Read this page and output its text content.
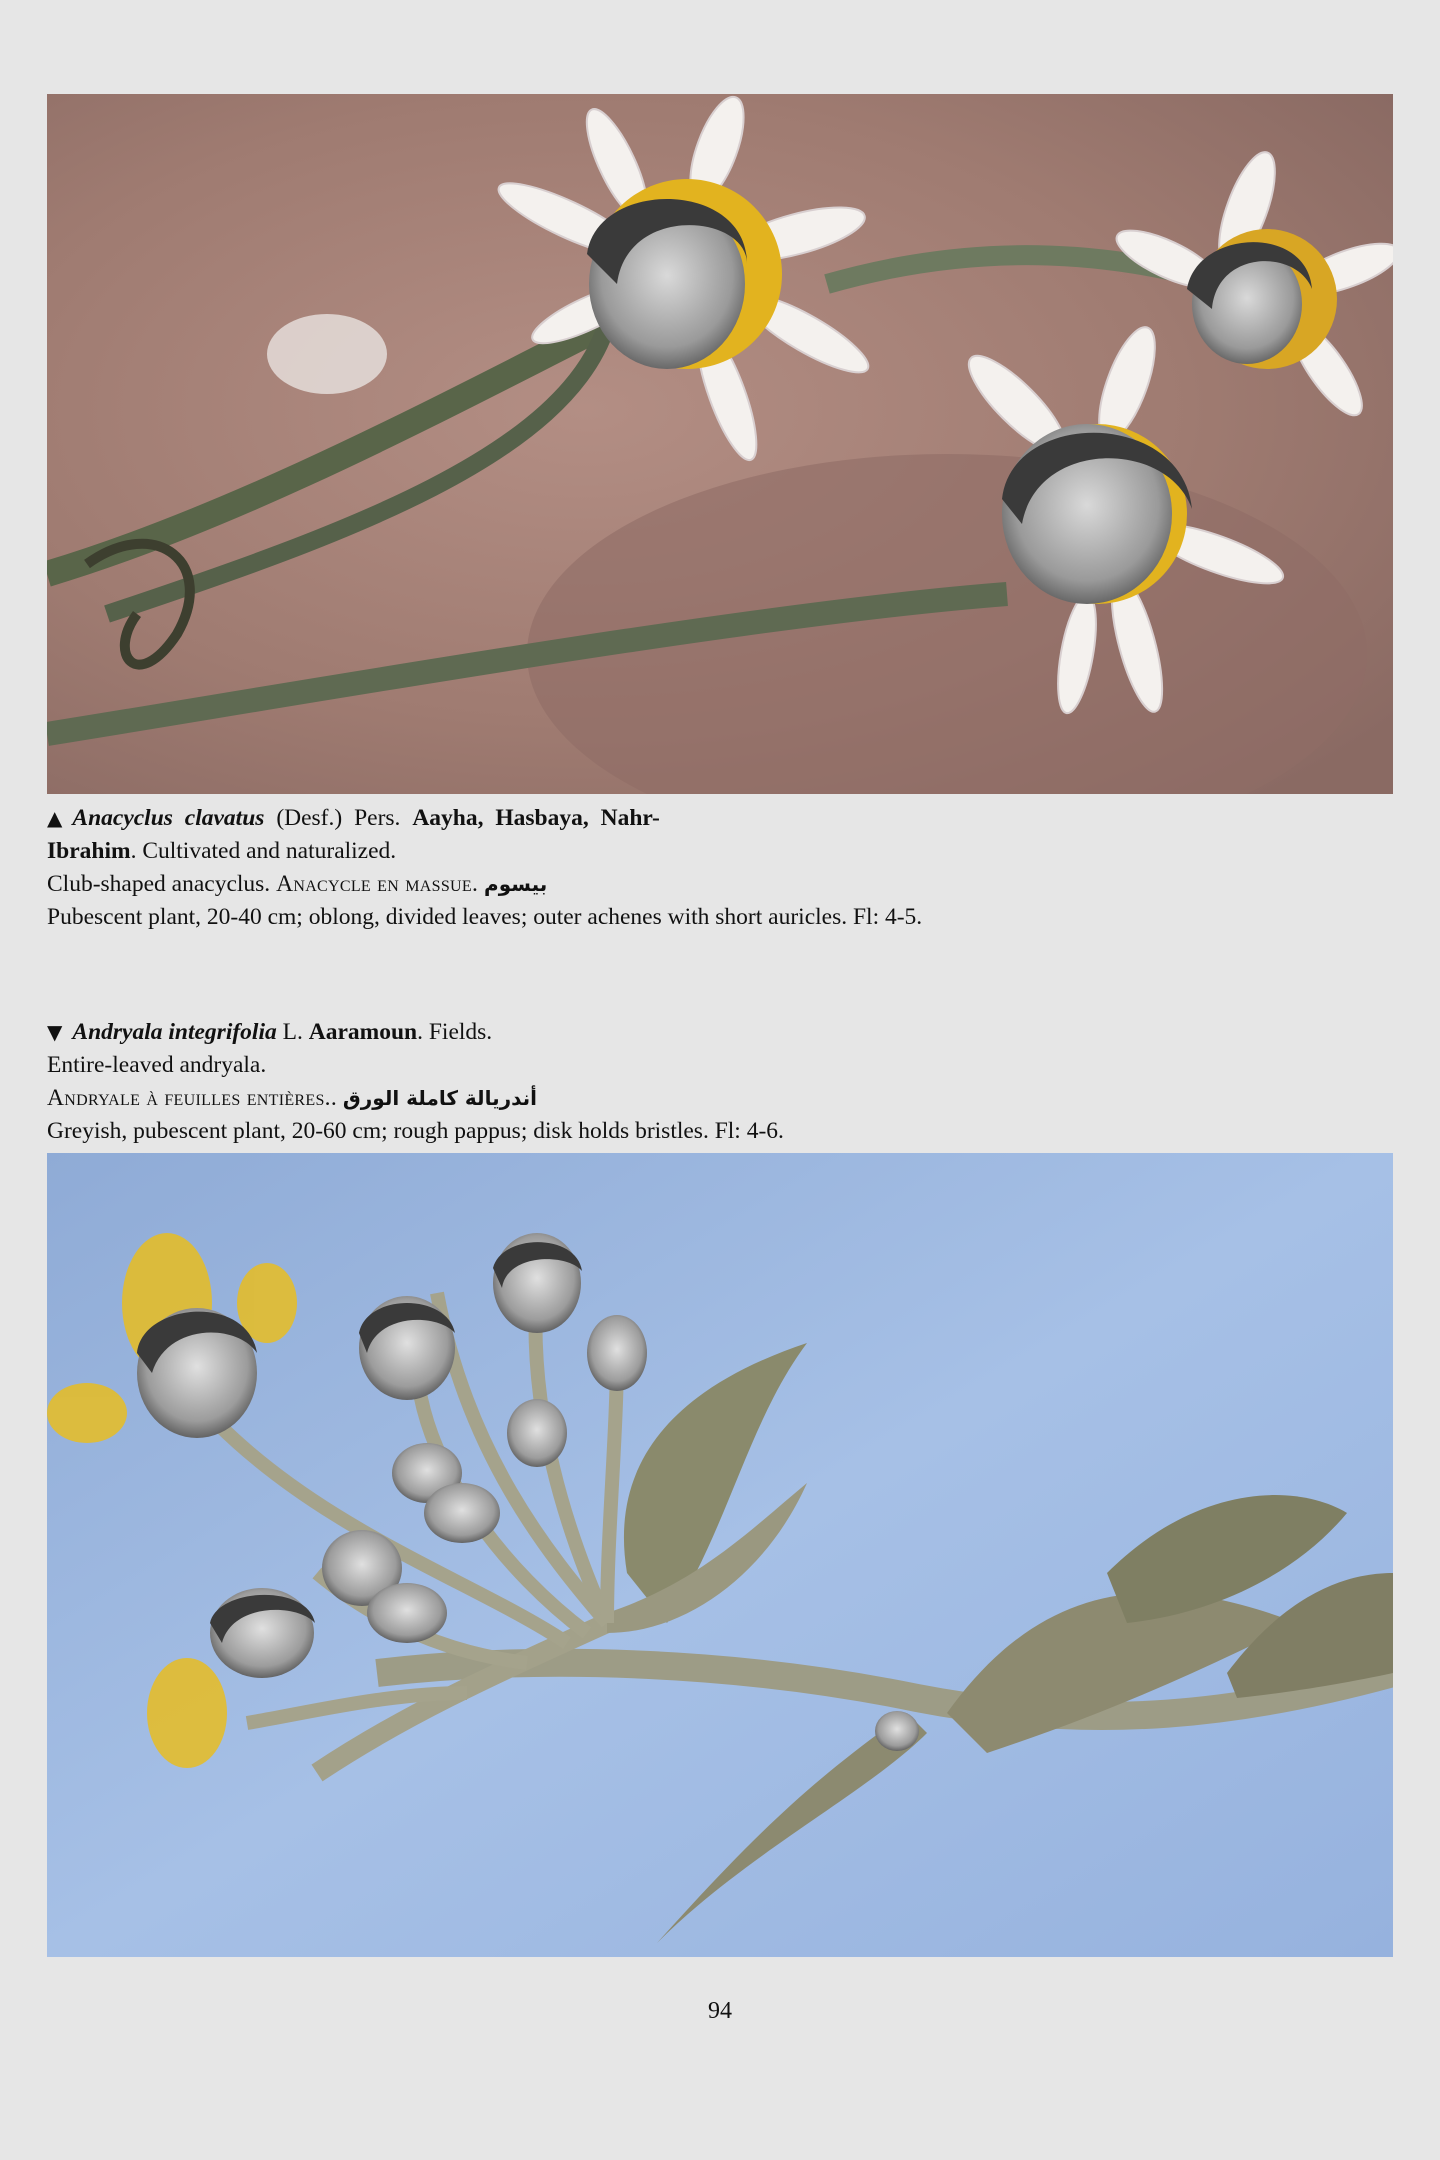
▲ Anacyclus clavatus (Desf.) Pers. Aayha, Hasbaya, Nahr-

Ibrahim. Cultivated and naturalized.

Club-shaped anacyclus. Anacycle en massue. بيسوم

Pubescent plant, 20-40 cm; oblong, divided leaves; outer achenes with short auricles. Fl: 4-5.

▼ Andryala integrifolia L. Aaramoun. Fields.

Entire-leaved andryala.

Andryale à feuilles entières.. أندريالة كاملة الورق

Greyish, pubescent plant, 20-60 cm; rough pappus; disk holds bristles. Fl: 4-6.

94
